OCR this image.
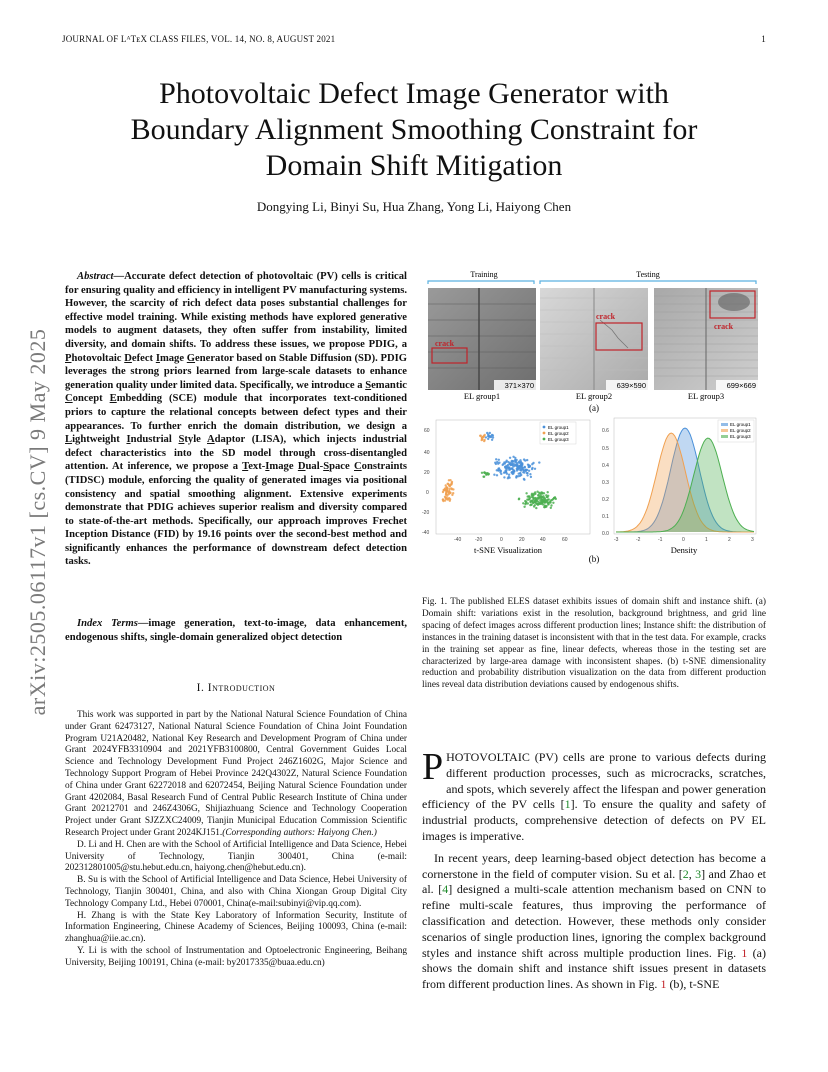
JOURNAL OF LᴬTᴇX CLASS FILES, VOL. 14, NO. 8, AUGUST 2021	1
Photovoltaic Defect Image Generator with
Boundary Alignment Smoothing Constraint for
Domain Shift Mitigation
Dongying Li, Binyi Su, Hua Zhang, Yong Li, Haiyong Chen
arXiv:2505.06117v1 [cs.CV] 9 May 2025

Abstract—Accurate defect detection of photovoltaic (PV) cells is critical for ensuring quality and efficiency in intelligent PV manufacturing systems. However, the scarcity of rich defect data poses substantial challenges for effective model training. While existing methods have explored generative models to augment datasets, they often suffer from instability, limited diversity, and domain shifts. To address these issues, we propose PDIG, a Photovoltaic Defect Image Generator based on Stable Diffusion (SD). PDIG leverages the strong priors learned from large-scale datasets to enhance generation quality under limited data. Specifically, we introduce a Semantic Concept Embedding (SCE) module that incorporates text-conditioned priors to capture the relational concepts between defect types and their appearances. To further enrich the domain distribution, we design a Lightweight Industrial Style Adaptor (LISA), which injects industrial defect characteristics into the SD model through cross-disentangled attention. At inference, we propose a Text-Image Dual-Space Constraints (TIDSC) module, enforcing the quality of generated images via positional consistency and spatial smoothing alignment. Extensive experiments demonstrate that PDIG achieves superior realism and diversity compared to state-of-the-art methods. Specifically, our approach improves Frechet Inception Distance (FID) by 19.16 points over the second-best method and significantly enhances the performance of downstream defect detection tasks.

Index Terms—image generation, text-to-image, data enhancement, endogenous shifts, single-domain generalized object detection

I. Introduction

This work was supported in part by the National Natural Science Foundation of China under Grant 62473127, National Natural Science Foundation of China Joint Foundation Program U21A20482, National Key Research and Development Program of China under Grant 2024YFB3310904 and 2021YFB3100800, Central Government Guides Local Science and Technology Development Fund Project 246Z1602G, Major Science and Technology Support Program of Hebei Province 242Q4302Z, Natural Science Foundation of China under Grant 62272018 and 62072454, Beijing Natural Science Foundation under Grant 4202084, Basal Research Fund of Central Public Research Institute of China under Grant 20212701 and 246Z4306G, Shijiazhuang Science and Technology Cooperation Project under Grant SJZZXC24009, Tianjin Municipal Education Commission Scientific Research Project under Grant 2024KJ151.(Corresponding authors: Haiyong Chen.)

D. Li and H. Chen are with the School of Artificial Intelligence and Data Science, Hebei University of Technology, Tianjin 300401, China (e-mail: 202312801005@stu.hebut.edu.cn, haiyong.chen@hebut.edu.cn).

B. Su is with the School of Artificial Intelligence and Data Science, Hebei University of Technology, Tianjin 300401, China, and also with China Xiongan Group Digital City Technology Company Ltd., Hebei 070001, China(e-mail:subinyi@vip.qq.com).

H. Zhang is with the State Key Laboratory of Information Security, Institute of Information Engineering, Chinese Academy of Sciences, Beijing 100093, China (e-mail: zhanghua@iie.ac.cn).

Y. Li is with the school of Instrumentation and Optoelectronic Engineering, Beihang University, Beijing 100191, China (e-mail: by2017335@buaa.edu.cn)

Training	Testing
crack
371×370
crack
639×590
crack
699×669
EL group1	EL group2	EL group3
(a)
60
40
20
0
-20
-40
-40	-20	0	20	40	60
EL group1
EL group2
EL group3
t-SNE Visualization
0.6
0.5
0.4
0.3
0.2
0.1
0.0
-3	-2	-1	0	1	2	3
EL group1
EL group2
EL group3
Density
(b)
Fig. 1. The published ELES dataset exhibits issues of domain shift and instance shift. (a) Domain shift: variations exist in the resolution, background brightness, and grid line spacing of defect images across different production lines; Instance shift: the distribution of instances in the training dataset is inconsistent with that in the test data. For example, cracks in the training set appear as fine, linear defects, whereas those in the testing set are characterized by large-area damage with inconsistent shapes. (b) t-SNE dimensionality reduction and probability distribution visualization on the data from different production lines reveal data distribution deviations caused by endogenous shifts.

PHOTOVOLTAIC (PV) cells are prone to various defects during different production processes, such as microcracks, scratches, and spots, which severely affect the lifespan and power generation efficiency of the PV cells [1]. To ensure the quality and safety of industrial products, comprehensive detection of defects on PV EL images is imperative.

In recent years, deep learning-based object detection has become a cornerstone in the field of computer vision. Su et al. [2, 3] and Zhao et al. [4] designed a multi-scale attention mechanism based on CNN to refine multi-scale features, thus improving the performance of classification and detection. However, these methods only consider scenarios of single production lines, ignoring the complex background styles and instance shift across multiple production lines. Fig. 1 (a) shows the domain shift and instance shift issues present in datasets from different production lines. As shown in Fig. 1 (b), t-SNE
